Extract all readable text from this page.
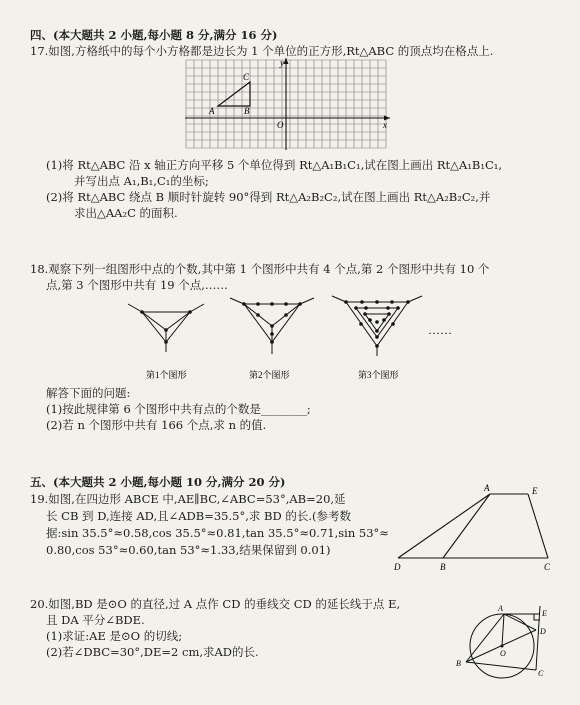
四、(本大题共 2 小题,每小题 8 分,满分 16 分)
17.如图,方格纸中的每个小方格都是边长为 1 个单位的正方形,Rt△ABC 的顶点均在格点上.
y
x
O
A	B
C
(1)将 Rt△ABC 沿 x 轴正方向平移 5 个单位得到 Rt△A₁B₁C₁,试在图上画出 Rt△A₁B₁C₁,
并写出点 A₁,B₁,C₁的坐标;
(2)将 Rt△ABC 绕点 B 顺时针旋转 90°得到 Rt△A₂B₂C₂,试在图上画出 Rt△A₂B₂C₂,并
求出△AA₂C 的面积.
18.观察下列一组图形中点的个数,其中第 1 个图形中共有 4 个点,第 2 个图形中共有 10 个
点,第 3 个图形中共有 19 个点,……
第1个图形	第2个图形	第3个图形
……
解答下面的问题:
(1)按此规律第 6 个图形中共有点的个数是________;
(2)若 n 个图形中共有 166 个点,求 n 的值.
五、(本大题共 2 小题,每小题 10 分,满分 20 分)
19.如图,在四边形 ABCE 中,AE∥BC,∠ABC=53°,AB=20,延
长 CB 到 D,连接 AD,且∠ADB=35.5°,求 BD 的长.(参考数
据:sin 35.5°≈0.58,cos 35.5°≈0.81,tan 35.5°≈0.71,sin 53°≈
0.80,cos 53°≈0.60,tan 53°≈1.33,结果保留到 0.01)
A	E
D	B	C
20.如图,BD 是⊙O 的直径,过 A 点作 CD 的垂线交 CD 的延长线于点 E,
且 DA 平分∠BDE.
(1)求证:AE 是⊙O 的切线;
(2)若∠DBC=30°,DE=2 cm,求AD的长.
A
E
D
O
B
C
